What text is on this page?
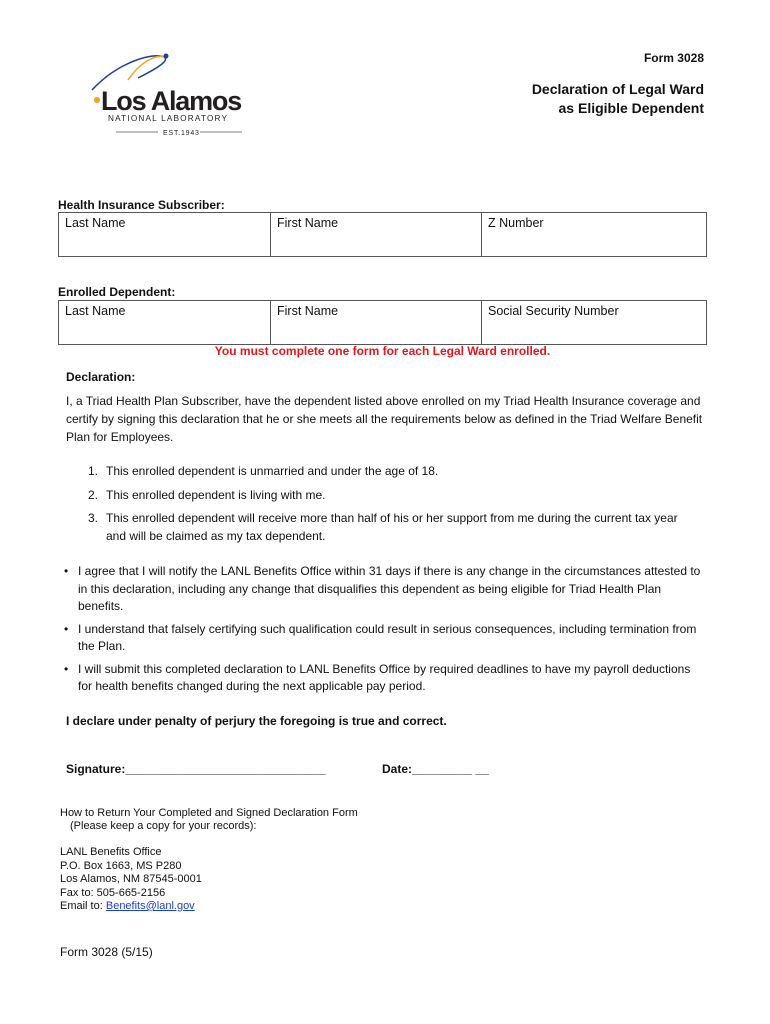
Form 3028
Declaration of Legal Ward
as Eligible Dependent
Los Alamos
NATIONAL LABORATORY
EST.1943
Health Insurance Subscriber:
Last Name	First Name	Z Number
Enrolled Dependent:
Last Name	First Name	Social Security Number
You must complete one form for each Legal Ward enrolled.
Declaration:
I, a Triad Health Plan Subscriber, have the dependent listed above enrolled on my Triad Health Insurance coverage and certify by signing this declaration that he or she meets all the requirements below as defined in the Triad Welfare Benefit Plan for Employees.
1. This enrolled dependent is unmarried and under the age of 18.
2. This enrolled dependent is living with me.
3. This enrolled dependent will receive more than half of his or her support from me during the current tax year and will be claimed as my tax dependent.
• I agree that I will notify the LANL Benefits Office within 31 days if there is any change in the circumstances attested to in this declaration, including any change that disqualifies this dependent as being eligible for Triad Health Plan benefits.
• I understand that falsely certifying such qualification could result in serious consequences, including termination from the Plan.
• I will submit this completed declaration to LANL Benefits Office by required deadlines to have my payroll deductions for health benefits changed during the next applicable pay period.
I declare under penalty of perjury the foregoing is true and correct.
Signature:______________________________	Date:_________ __
How to Return Your Completed and Signed Declaration Form
(Please keep a copy for your records):
LANL Benefits Office
P.O. Box 1663, MS P280
Los Alamos, NM 87545-0001
Fax to: 505-665-2156
Email to: Benefits@lanl.gov
Form 3028 (5/15)
